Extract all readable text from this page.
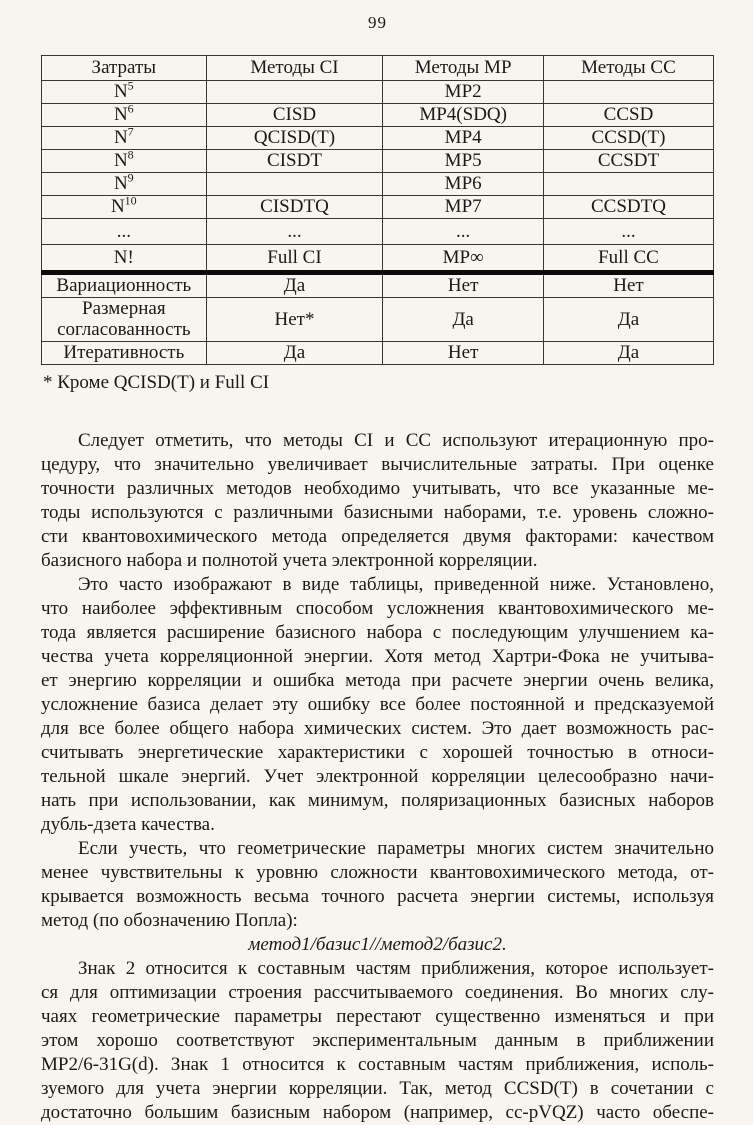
99
Затраты	Методы CI	Методы MP	Методы CC
$N^5$		MP2	
$N^6$	CISD	MP4(SDQ)	CCSD
$N^7$	QCISD(T)	MP4	CCSD(T)
$N^8$	CISDT	MP5	CCSDT
$N^9$		MP6	
$N^{10}$	CISDTQ	MP7	CCSDTQ
...	...	...	...
N!	Full CI	MP∞	Full CC
Вариационность	Да	Нет	Нет
Размерная согласованность	Нет*	Да	Да
Итеративность	Да	Нет	Да
* Кроме QCISD(T) и Full CI
Следует отметить, что методы CI и CC используют итерационную про-
цедуру, что значительно увеличивает вычислительные затраты. При оценке
точности различных методов необходимо учитывать, что все указанные ме-
тоды используются с различными базисными наборами, т.е. уровень сложно-
сти квантовохимического метода определяется двумя факторами: качеством
базисного набора и полнотой учета электронной корреляции.
Это часто изображают в виде таблицы, приведенной ниже. Установлено,
что наиболее эффективным способом усложнения квантовохимического ме-
тода является расширение базисного набора с последующим улучшением ка-
чества учета корреляционной энергии. Хотя метод Хартри-Фока не учитыва-
ет энергию корреляции и ошибка метода при расчете энергии очень велика,
усложнение базиса делает эту ошибку все более постоянной и предсказуемой
для все более общего набора химических систем. Это дает возможность рас-
считывать энергетические характеристики с хорошей точностью в относи-
тельной шкале энергий. Учет электронной корреляции целесообразно начи-
нать при использовании, как минимум, поляризационных базисных наборов
дубль-дзета качества.
Если учесть, что геометрические параметры многих систем значительно
менее чувствительны к уровню сложности квантовохимического метода, от-
крывается возможность весьма точного расчета энергии системы, используя
метод (по обозначению Попла):
метод1/базис1//метод2/базис2.
Знак 2 относится к составным частям приближения, которое использует-
ся для оптимизации строения рассчитываемого соединения. Во многих слу-
чаях геометрические параметры перестают существенно изменяться и при
этом хорошо соответствуют экспериментальным данным в приближении
MP2/6-31G(d). Знак 1 относится к составным частям приближения, исполь-
зуемого для учета энергии корреляции. Так, метод CCSD(T) в сочетании с
достаточно большим базисным набором (например, cc-pVQZ) часто обеспе-
